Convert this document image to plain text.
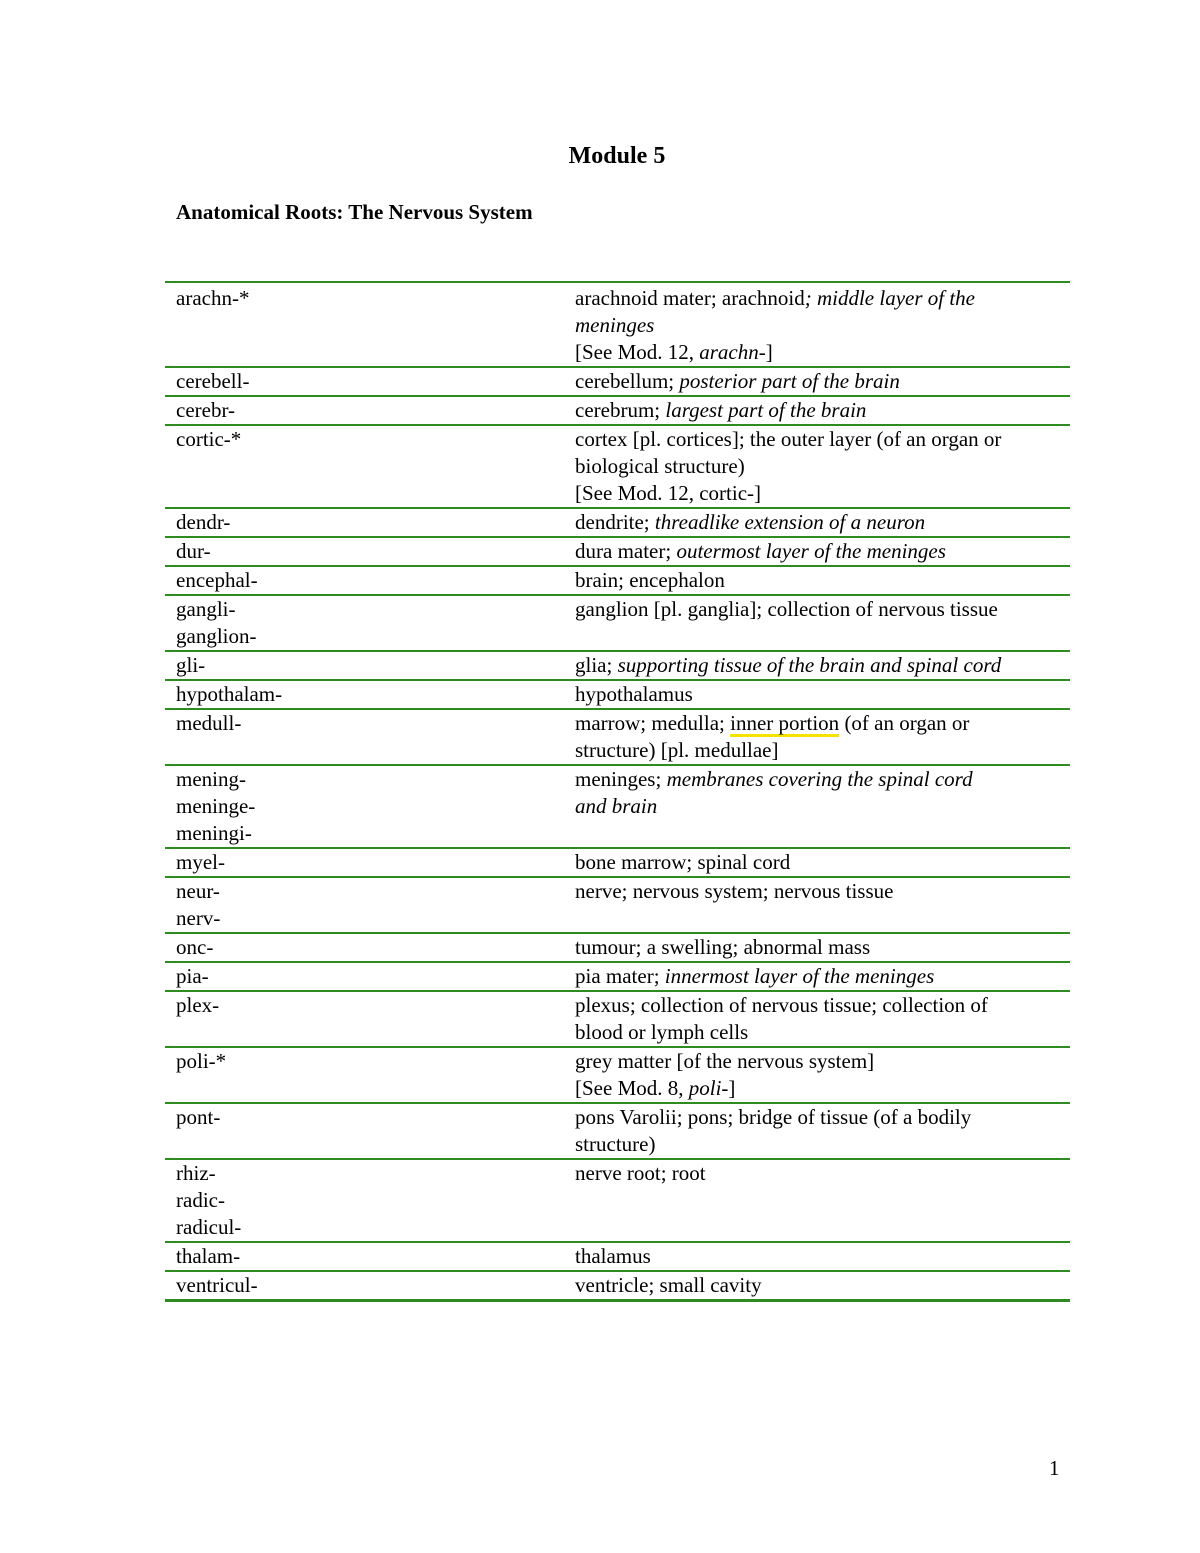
Module 5
Anatomical Roots: The Nervous System
arachn-*	arachnoid mater; arachnoid; middle layer of the
meninges
[See Mod. 12, arachn-]

cerebell-	cerebellum; posterior part of the brain

cerebr-	cerebrum; largest part of the brain

cortic-*	cortex [pl. cortices]; the outer layer (of an organ or
biological structure)
[See Mod. 12, cortic-]

dendr-	dendrite; threadlike extension of a neuron

dur-	dura mater; outermost layer of the meninges

encephal-	brain; encephalon

gangli-
ganglion-	ganglion [pl. ganglia]; collection of nervous tissue

gli-	glia; supporting tissue of the brain and spinal cord

hypothalam-	hypothalamus

medull-	marrow; medulla; inner portion (of an organ or
structure) [pl. medullae]

mening-
meninge-
meningi-	meninges; membranes covering the spinal cord
and brain

myel-	bone marrow; spinal cord

neur-
nerv-	nerve; nervous system; nervous tissue

onc-	tumour; a swelling; abnormal mass

pia-	pia mater; innermost layer of the meninges

plex-	plexus; collection of nervous tissue; collection of
blood or lymph cells

poli-*	grey matter [of the nervous system]
[See Mod. 8, poli-]

pont-	pons Varolii; pons; bridge of tissue (of a bodily
structure)

rhiz-
radic-
radicul-	nerve root; root

thalam-	thalamus

ventricul-	ventricle; small cavity
1
